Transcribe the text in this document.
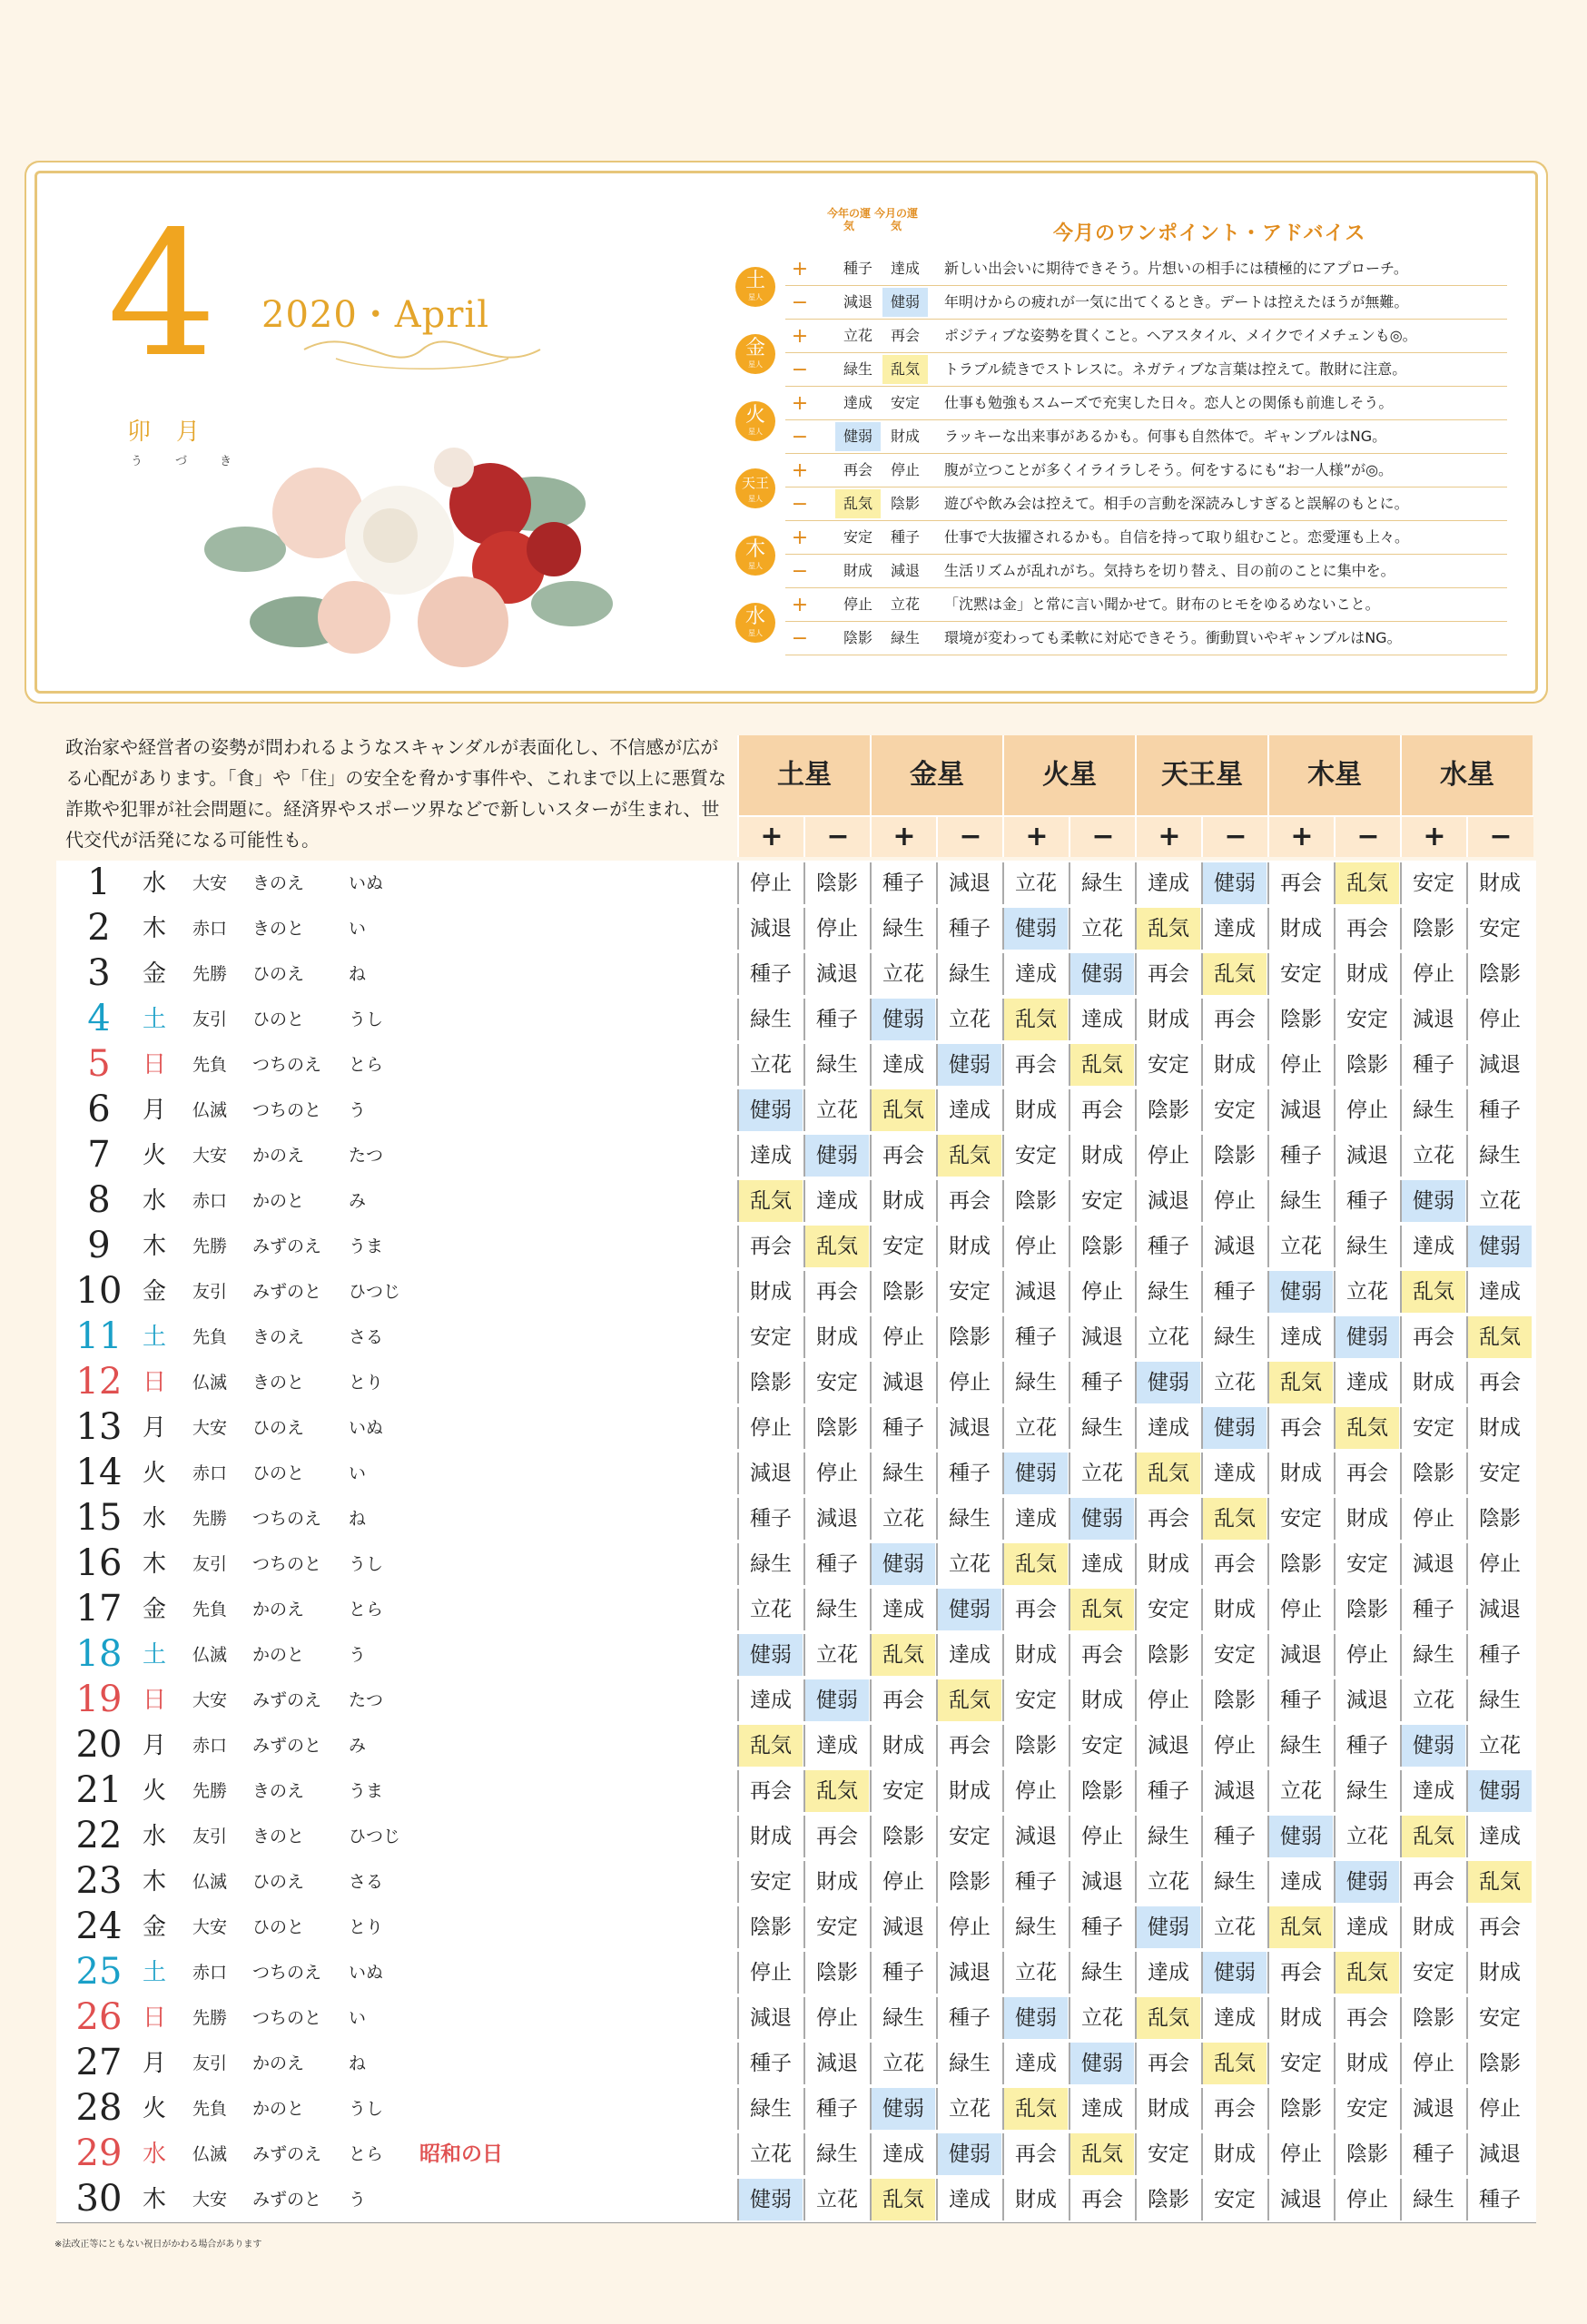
4 2020・April
卯月
うづき
今年の運気
今月の運気	今月のワンポイント・アドバイス
土
星人
+	種子	達成	新しい出会いに期待できそう。片想いの相手には積極的にアプローチ。
−	減退	健弱	年明けからの疲れが一気に出てくるとき。デートは控えたほうが無難。
金
星人
+	立花	再会	ポジティブな姿勢を貫くこと。ヘアスタイル、メイクでイメチェンも◎。
−	緑生	乱気	トラブル続きでストレスに。ネガティブな言葉は控えて。散財に注意。
火
星人
+	達成	安定	仕事も勉強もスムーズで充実した日々。恋人との関係も前進しそう。
−	健弱	財成	ラッキーな出来事があるかも。何事も自然体で。ギャンブルはNG。
天王
星人
+	再会	停止	腹が立つことが多くイライラしそう。何をするにも“お一人様”が◎。
−	乱気	陰影	遊びや飲み会は控えて。相手の言動を深読みしすぎると誤解のもとに。
木
星人
+	安定	種子	仕事で大抜擢されるかも。自信を持って取り組むこと。恋愛運も上々。
−	財成	減退	生活リズムが乱れがち。気持ちを切り替え、目の前のことに集中を。
水
星人
+	停止	立花	「沈黙は金」と常に言い聞かせて。財布のヒモをゆるめないこと。
−	陰影	緑生	環境が変わっても柔軟に対応できそう。衝動買いやギャンブルはNG。
政治家や経営者の姿勢が問われるようなスキャンダルが表面化し、不信感が広がる心配があります。「食」や「住」の安全を脅かす事件や、これまで以上に悪質な詐欺や犯罪が社会問題に。経済界やスポーツ界などで新しいスターが生まれ、世代交代が活発になる可能性も。
土星
+	−
金星
+	−
火星
+	−
天王星
+	−
木星
+	−
水星
+	−
1	水	大安 きのえ	いぬ	停止	陰影	種子	減退	立花	緑生	達成	健弱	再会	乱気	安定	財成
2	木	赤口 きのと	い	減退	停止	緑生	種子	健弱	立花	乱気	達成	財成	再会	陰影	安定
3	金	先勝 ひのえ	ね	種子	減退	立花	緑生	達成	健弱	再会	乱気	安定	財成	停止	陰影
4	土	友引 ひのと	うし	緑生	種子	健弱	立花	乱気	達成	財成	再会	陰影	安定	減退	停止
5	日	先負 つちのえ とら	立花	緑生	達成	健弱	再会	乱気	安定	財成	停止	陰影	種子	減退
6	月	仏滅 つちのと う	健弱	立花	乱気	達成	財成	再会	陰影	安定	減退	停止	緑生	種子
7	火	大安 かのえ	たつ	達成	健弱	再会	乱気	安定	財成	停止	陰影	種子	減退	立花	緑生
8	水	赤口 かのと	み	乱気	達成	財成	再会	陰影	安定	減退	停止	緑生	種子	健弱	立花
9	木	先勝 みずのえ うま	再会	乱気	安定	財成	停止	陰影	種子	減退	立花	緑生	達成	健弱
10 金	友引 みずのと ひつじ	財成	再会	陰影	安定	減退	停止	緑生	種子	健弱	立花	乱気	達成
11 土	先負 きのえ	さる	安定	財成	停止	陰影	種子	減退	立花	緑生	達成	健弱	再会	乱気
12 日	仏滅 きのと	とり	陰影	安定	減退	停止	緑生	種子	健弱	立花	乱気	達成	財成	再会
13 月	大安 ひのえ	いぬ	停止	陰影	種子	減退	立花	緑生	達成	健弱	再会	乱気	安定	財成
14 火	赤口 ひのと	い	減退	停止	緑生	種子	健弱	立花	乱気	達成	財成	再会	陰影	安定
15 水	先勝 つちのえ ね	種子	減退	立花	緑生	達成	健弱	再会	乱気	安定	財成	停止	陰影
16 木	友引 つちのと うし	緑生	種子	健弱	立花	乱気	達成	財成	再会	陰影	安定	減退	停止
17 金	先負 かのえ	とら	立花	緑生	達成	健弱	再会	乱気	安定	財成	停止	陰影	種子	減退
18 土	仏滅 かのと	う	健弱	立花	乱気	達成	財成	再会	陰影	安定	減退	停止	緑生	種子
19 日	大安 みずのえ たつ	達成	健弱	再会	乱気	安定	財成	停止	陰影	種子	減退	立花	緑生
20 月	赤口 みずのと み	乱気	達成	財成	再会	陰影	安定	減退	停止	緑生	種子	健弱	立花
21 火	先勝 きのえ	うま	再会	乱気	安定	財成	停止	陰影	種子	減退	立花	緑生	達成	健弱
22 水	友引 きのと	ひつじ	財成	再会	陰影	安定	減退	停止	緑生	種子	健弱	立花	乱気	達成
23 木	仏滅 ひのえ	さる	安定	財成	停止	陰影	種子	減退	立花	緑生	達成	健弱	再会	乱気
24 金	大安 ひのと	とり	陰影	安定	減退	停止	緑生	種子	健弱	立花	乱気	達成	財成	再会
25 土	赤口 つちのえ いぬ	停止	陰影	種子	減退	立花	緑生	達成	健弱	再会	乱気	安定	財成
26 日	先勝 つちのと い	減退	停止	緑生	種子	健弱	立花	乱気	達成	財成	再会	陰影	安定
27 月	友引 かのえ	ね	種子	減退	立花	緑生	達成	健弱	再会	乱気	安定	財成	停止	陰影
28 火	先負 かのと	うし	緑生	種子	健弱	立花	乱気	達成	財成	再会	陰影	安定	減退	停止
29 水	仏滅 みずのえ とら 昭和の日	立花	緑生	達成	健弱	再会	乱気	安定	財成	停止	陰影	種子	減退
30 木	大安 みずのと う	健弱	立花	乱気	達成	財成	再会	陰影	安定	減退	停止	緑生	種子
※法改正等にともない祝日がかわる場合があります
